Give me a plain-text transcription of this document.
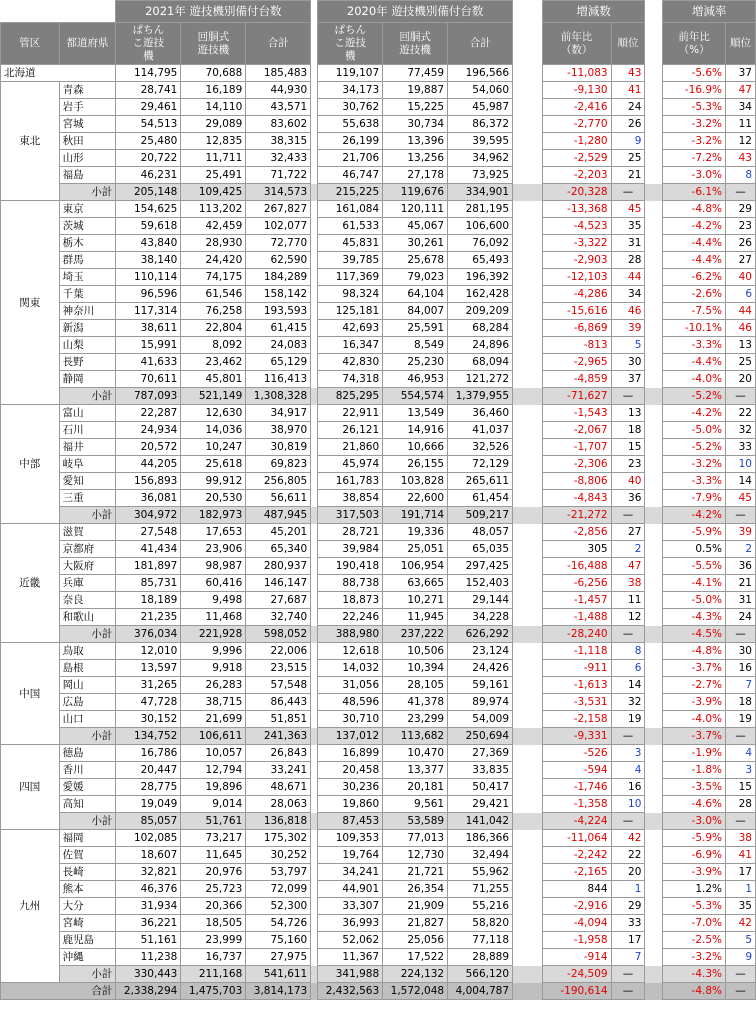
		2021年 遊技機別備付台数				2020年 遊技機別備付台数				増減数			増減率	
管区	都道府県	ぱちんこ遊技機	回胴式遊技機	合計		ぱちんこ遊技機	回胴式遊技機	合計		前年比（数）	順位		前年比（%）	順位
北海道		114,795	70,688	185,483		119,107	77,459	196,566		-11,083	43		-5.6%	37
東北	青森	28,741	16,189	44,930		34,173	19,887	54,060		-9,130	41		-16.9%	47
	岩手	29,461	14,110	43,571		30,762	15,225	45,987		-2,416	24		-5.3%	34
	宮城	54,513	29,089	83,602		55,638	30,734	86,372		-2,770	26		-3.2%	11
	秋田	25,480	12,835	38,315		26,199	13,396	39,595		-1,280	9		-3.2%	12
	山形	20,722	11,711	32,433		21,706	13,256	34,962		-2,529	25		-7.2%	43
	福島	46,231	25,491	71,722		46,747	27,178	73,925		-2,203	21		-3.0%	8
	小計	205,148	109,425	314,573		215,225	119,676	334,901		-20,328	—		-6.1%	—
関東	東京	154,625	113,202	267,827		161,084	120,111	281,195		-13,368	45		-4.8%	29
	茨城	59,618	42,459	102,077		61,533	45,067	106,600		-4,523	35		-4.2%	23
	栃木	43,840	28,930	72,770		45,831	30,261	76,092		-3,322	31		-4.4%	26
	群馬	38,140	24,420	62,590		39,785	25,678	65,493		-2,903	28		-4.4%	27
	埼玉	110,114	74,175	184,289		117,369	79,023	196,392		-12,103	44		-6.2%	40
	千葉	96,596	61,546	158,142		98,324	64,104	162,428		-4,286	34		-2.6%	6
	神奈川	117,314	76,258	193,593		125,181	84,007	209,209		-15,616	46		-7.5%	44
	新潟	38,611	22,804	61,415		42,693	25,591	68,284		-6,869	39		-10.1%	46
	山梨	15,991	8,092	24,083		16,347	8,549	24,896		-813	5		-3.3%	13
	長野	41,633	23,462	65,129		42,830	25,230	68,094		-2,965	30		-4.4%	25
	静岡	70,611	45,801	116,413		74,318	46,953	121,272		-4,859	37		-4.0%	20
	小計	787,093	521,149	1,308,328		825,295	554,574	1,379,955		-71,627	—		-5.2%	—
中部	富山	22,287	12,630	34,917		22,911	13,549	36,460		-1,543	13		-4.2%	22
	石川	24,934	14,036	38,970		26,121	14,916	41,037		-2,067	18		-5.0%	32
	福井	20,572	10,247	30,819		21,860	10,666	32,526		-1,707	15		-5.2%	33
	岐阜	44,205	25,618	69,823		45,974	26,155	72,129		-2,306	23		-3.2%	10
	愛知	156,893	99,912	256,805		161,783	103,828	265,611		-8,806	40		-3.3%	14
	三重	36,081	20,530	56,611		38,854	22,600	61,454		-4,843	36		-7.9%	45
	小計	304,972	182,973	487,945		317,503	191,714	509,217		-21,272	—		-4.2%	—
近畿	滋賀	27,548	17,653	45,201		28,721	19,336	48,057		-2,856	27		-5.9%	39
	京都府	41,434	23,906	65,340		39,984	25,051	65,035		305	2		0.5%	2
	大阪府	181,897	98,987	280,937		190,418	106,954	297,425		-16,488	47		-5.5%	36
	兵庫	85,731	60,416	146,147		88,738	63,665	152,403		-6,256	38		-4.1%	21
	奈良	18,189	9,498	27,687		18,873	10,271	29,144		-1,457	11		-5.0%	31
	和歌山	21,235	11,468	32,740		22,246	11,945	34,228		-1,488	12		-4.3%	24
	小計	376,034	221,928	598,052		388,980	237,222	626,292		-28,240	—		-4.5%	—
中国	鳥取	12,010	9,996	22,006		12,618	10,506	23,124		-1,118	8		-4.8%	30
	島根	13,597	9,918	23,515		14,032	10,394	24,426		-911	6		-3.7%	16
	岡山	31,265	26,283	57,548		31,056	28,105	59,161		-1,613	14		-2.7%	7
	広島	47,728	38,715	86,443		48,596	41,378	89,974		-3,531	32		-3.9%	18
	山口	30,152	21,699	51,851		30,710	23,299	54,009		-2,158	19		-4.0%	19
	小計	134,752	106,611	241,363		137,012	113,682	250,694		-9,331	—		-3.7%	—
四国	徳島	16,786	10,057	26,843		16,899	10,470	27,369		-526	3		-1.9%	4
	香川	20,447	12,794	33,241		20,458	13,377	33,835		-594	4		-1.8%	3
	愛媛	28,775	19,896	48,671		30,236	20,181	50,417		-1,746	16		-3.5%	15
	高知	19,049	9,014	28,063		19,860	9,561	29,421		-1,358	10		-4.6%	28
	小計	85,057	51,761	136,818		87,453	53,589	141,042		-4,224	—		-3.0%	—
九州	福岡	102,085	73,217	175,302		109,353	77,013	186,366		-11,064	42		-5.9%	38
	佐賀	18,607	11,645	30,252		19,764	12,730	32,494		-2,242	22		-6.9%	41
	長崎	32,821	20,976	53,797		34,241	21,721	55,962		-2,165	20		-3.9%	17
	熊本	46,376	25,723	72,099		44,901	26,354	71,255		844	1		1.2%	1
	大分	31,934	20,366	52,300		33,307	21,909	55,216		-2,916	29		-5.3%	35
	宮崎	36,221	18,505	54,726		36,993	21,827	58,820		-4,094	33		-7.0%	42
	鹿児島	51,161	23,999	75,160		52,062	25,056	77,118		-1,958	17		-2.5%	5
	沖縄	11,238	16,737	27,975		11,367	17,522	28,889		-914	7		-3.2%	9
	小計	330,443	211,168	541,611		341,988	224,132	566,120		-24,509	—		-4.3%	—
合計		2,338,294	1,475,703	3,814,173		2,432,563	1,572,048	4,004,787		-190,614	—		-4.8%	—
